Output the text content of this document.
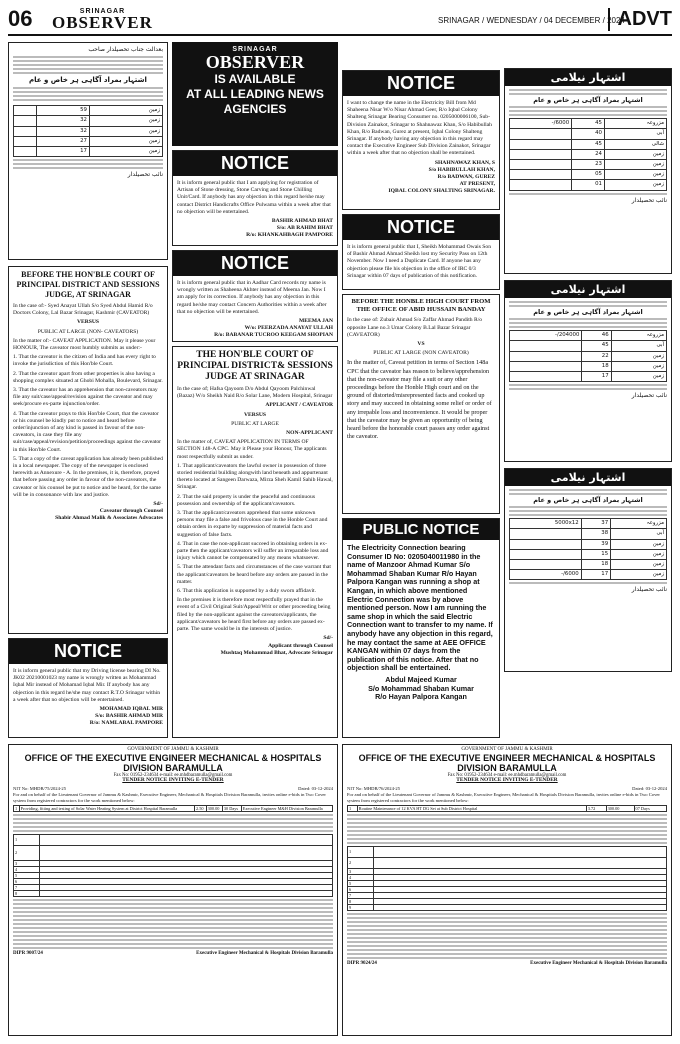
06	SRINAGAR
OBSERVER	SRINAGAR / WEDNESDAY / 04 DECEMBER / 2024
ADVT
بعدالت جناب تحصیلدار صاحب
اشتہار بمراد آگاہی ہر خاص و عام
زمین	59	
زمین	32	
زمین	32	
زمین	27	
زمین	17	
نائب تحصیلدار
BEFORE THE HON'BLE COURT OF PRINCIPAL DISTRICT AND SESSIONS JUDGE, AT SRINAGAR

In the case of:- Syed Anayat Ullah S/o Syed Abdul Hamid R/o Doctors Colony, Lal Bazar Srinagar, Kashmir (CAVEATOR)

VERSUS

PUBLIC AT LARGE (NON- CAVEATORS)

In the matter of:- CAVEAT APPLICATION. May it please your HONOUR, The caveator most humbly submits as under:-

1. That the caveator is the citizen of India and has every right to invoke the jurisdiction of this Hon'ble Court.

2. That the caveator apart from other properties is also having a shopping complex situated at Ghobi Mohalla, Boulevard, Srinagar.

3. That the caveator has an apprehension that non-caveators may file any suit/case/appeal/revision against the caveator and may seek/procure ex-parte injunction/order.

4. That the caveator prays to this Hon'ble Court, that the caveator or his counsel be kindly put to notice and heard before order/injunction of any kind is passed in favour of the non-caveators, in case they file any suit/case/appeal/revision/petition/proceedings against the caveator in this Hon'ble Court.

5. That a copy of the caveat application has already been published in a local newspaper. The copy of the newspaper is enclosed herewith as Annexure - A. In the premises, it is, therefore, prayed that before passing any order in favour of the non-caveators, the caveator or his counsel be put to notice and be heard, for the same will be in consonance with law and justice.

Sd/-
Caveator through Counsel
Shabir Ahmad Malik & Associates Advocates
NOTICE

It is inform general public that my Driving license bearing DI No. JK02 20210001023 my name is wrongly written as Mohammad Iqbal Mir instead of Mohamad Iqbal Mir. If anybody has any objection in this regard he/she may contact R.T.O Srinagar within a week after that no objection will be entertained.

MOHAMAD IQBAL MIR
S/o: BASHIR AHMAD MIR
R/o: NAMLABAL PAMPORE
SRINAGAR
OBSERVER
IS AVAILABLE
AT ALL LEADING NEWS
AGENCIES
NOTICE

It is inform general public that I am applying for registration of Artisan of Stone dressing, Stone Carving and Stone Chilling Unit/Card. If anybody has any objection in this regard he/she may contact District Handicrafts Office Pulwama within a week after that no objection will be entertained.

BASHIR AHMAD BHAT
S/o: AB RAHIM BHAT
R/o: KHANKAHBAGH PAMPORE
NOTICE

It is inform general public that in Aadhar Card records my name is wrongly written as Shaheena Akhter instead of Meema Jan. Now I am apply for its correction. If anybody has any objection in this regard he/she may contact Concern Authorities within a week after that no objection will be entertained.

MEEMA JAN
W/o: PEERZADA ANAYAT ULLAH
R/o: BABANAR TUCROO KEEGAM SHOPIAN
THE HON'BLE COURT OF PRINCIPAL DISTRICT& SESSIONS JUDGE AT SRINAGAR

In the case of; Hafsa Qayoom D/o Abdul Qayoom Palchinwal (Bazaz) W/o Sheikh Naid R/o Solar Lane, Modern Hospital, Srinagar

APPLICANT / CAVEATOR

VERSUS

PUBLIC AT LARGE

NON-APPLICANT

In the matter of, CAVEAT APPLICATION IN TERMS OF SECTION 148-A CPC. May it Please your Honour, The applicants most respectfully submit as under.

1. That applicant/caveators the lawful owner in possession of three storied residential building alongwith land beneath and appurtenant thereto located at Sangeen Darwaza, Mirza Sheh Kamil Sahib Hawal, Srinagar.

2. That the said property is under the peaceful and continuous possession and ownership of the applicant/caveators.

3. That the applicant/caveators apprehend that some unknown persons may file a false and frivolous case in the Honble Court and obtain orders in exparte by suppression of material facts and suggestion of false facts.

4. That in case the non-applicant succeed in obtaining orders in ex-parte then the applicant/caveators will suffer an irreparable loss and injury which cannot be compensated by any means whatsoever.

5. That the attendant facts and circumstances of the case warrant that the applicant/caveators be heard before any orders are passed in the matter.

6. That this application is supported by a duly sworn affidavit.

In the premises it is therefore most respectfully prayed that in the event of a Civil Original Suit/Appeal/Writ or other proceeding being filed by the non-applicant against the caveators/applicants, the applicant/caveators be heard first before any orders are passed ex-parte. The same would be in the interests of justice.

Sd/-
Applicant through Counsel
Mushtaq Mohammad Bhat, Advocate Srinagar
NOTICE

I want to change the name in the Electricity Bill from Md Shaheena Nisar W/o Nisar Ahmad Geer, R/o Iqbal Colony Shalteng Srinagar Bearing Consumer no. 0205000006100, Sub-Division Zainakot, Srinagar to Shahnawaz Khan, S/o Habibullah Khan, R/o Badwan, Gurez at present, Iqbal Colony Shalteng Srinagar. If anybody having any objection in this regard may contact the Executive Engineer Sub Division Zainakot, Srinagar within a week after that no objection shall be entertained.

SHAHNAWAZ KHAN, S
S/o HABIBULLAH KHAN,
R/o BADWAN, GUREZ
AT PRESENT,
IQBAL COLONY SHALTING SRINAGAR.
NOTICE

It is inform general public that I, Sheikh Mohammad Owais Son of Bashir Ahmad Ahmad Sheikh lost my Security Pass on 12th November. Now I need a Duplicate Card. If anyone has any objection please file his objection in the office of IRC 0/3 Srinagar within 07 days of publication of this notification.

BEFORE THE HONBLE HIGH COURT FROM THE OFFICE OF ABID HUSSAIN BANDAY

In the case of: Zubair Ahmad S/o Zaffar Ahmad Pandith R/o opposite Lane no.3 Umar Colony B.Lal Bazar Srinagar (CAVEATOR)

VS

PUBLIC AT LARGE (NON CAVEATOR)

In the matter of, Caveat petition in terms of Section 148a CPC that the caveator has reason to believe/apprehension that the non-caveator may file a suit or any other proceedings before the Honble High court and on the ground of distorted/misrepresented facts and cooked up story and may succeed in obtaining some relief or order of any irrepable loss and inconvenience. It would be proper that the caveator may be given an opportunity of being heard before the honorable court passes any order against the caveator.

PUBLIC NOTICE
The Electricity Connection bearing Consumer ID No: 0205040011980 in the name of Manzoor Ahmad Kumar S/o Mohammad Shaban Kumar R/o Hayan Palpora Kangan was running a shop at Kangan, in which above mentioned Electric Connection was by above mentioned person. Now I am running the same shop in which the said Electric Connection want to transfer to my name. If anybody have any objection in this regard, he may contact the same at AEE OFFICE KANGAN within 07 days from the publication of this notice. After that no objection shall be entertained.
Abdul Majeed Kumar
S/o Mohammad Shaban Kumar
R/o Hayan Palpora Kangan
اشتہار نیلامی
اشتہار بمراد آگاہی ہر خاص و عام
مزروعہ	45	6000/-
آبی	40	
شالی	45	
زمین	24	
زمین	23	
زمین	05	
زمین	01	
نائب تحصیلدار
اشتہار نیلامی
اشتہار بمراد آگاہی ہر خاص و عام
مزروعہ	46	204000/-
آبی	45	
زمین	22	
زمین	18	
زمین	17	
نائب تحصیلدار
اشتہار نیلامی
اشتہار بمراد آگاہی ہر خاص و عام
مزروعہ	37	5000x12
آبی	38	
زمین	39	
زمین	15	
زمین	18	
زمین	17	6000/-
نائب تحصیلدار
GOVERNMENT OF JAMMU & KASHMIR
OFFICE OF THE EXECUTIVE ENGINEER MECHANICAL & HOSPITALS DIVISION BARAMULLA
Fax No: 01952-234634 e-mail: ee.mhdbaramulla@gmail.com
TENDER NOTICE INVITING E-TENDER
NIT No: MHDB/76/2024-25	Dated: 03-12-2024

For and on behalf of the Lieutenant Governor of Jammu & Kashmir, Executive Engineer, Mechanical & Hospitals Division Baramulla, invites online e-bids in Two Cover system from registered contractors for the work mentioned below:

1	Routine Maintenance of 12 KVA HT DG Set at Sub District Hospital	3.72	300.00	07 Days
1	
2	
3	
4	
5	
6	
7	
8	
9	
DIPR 9024/24	Executive Engineer Mechanical & Hospitals Division Baramulla
GOVERNMENT OF JAMMU & KASHMIR
OFFICE OF THE EXECUTIVE ENGINEER MECHANICAL & HOSPITALS DIVISION BARAMULLA
Fax No: 01952-234634 e-mail: ee.mhdbaramulla@gmail.com
TENDER NOTICE INVITING E-TENDER
NIT No: MHDB/75/2024-25	Dated: 03-12-2024

For and on behalf of the Lieutenant Governor of Jammu & Kashmir, Executive Engineer, Mechanical & Hospitals Division Baramulla, invites online e-bids in Two Cover system from registered contractors for the work mentioned below:

1	Providing, fitting and testing of Solar Water Heating System at District Hospital Baramulla	2.50	300.00	30 Days	Executive Engineer M&H Division Baramulla
1	
2	
3	
4	
5	
6	
7	
8	
DIPR 9007/24	Executive Engineer Mechanical & Hospitals Division Baramulla
